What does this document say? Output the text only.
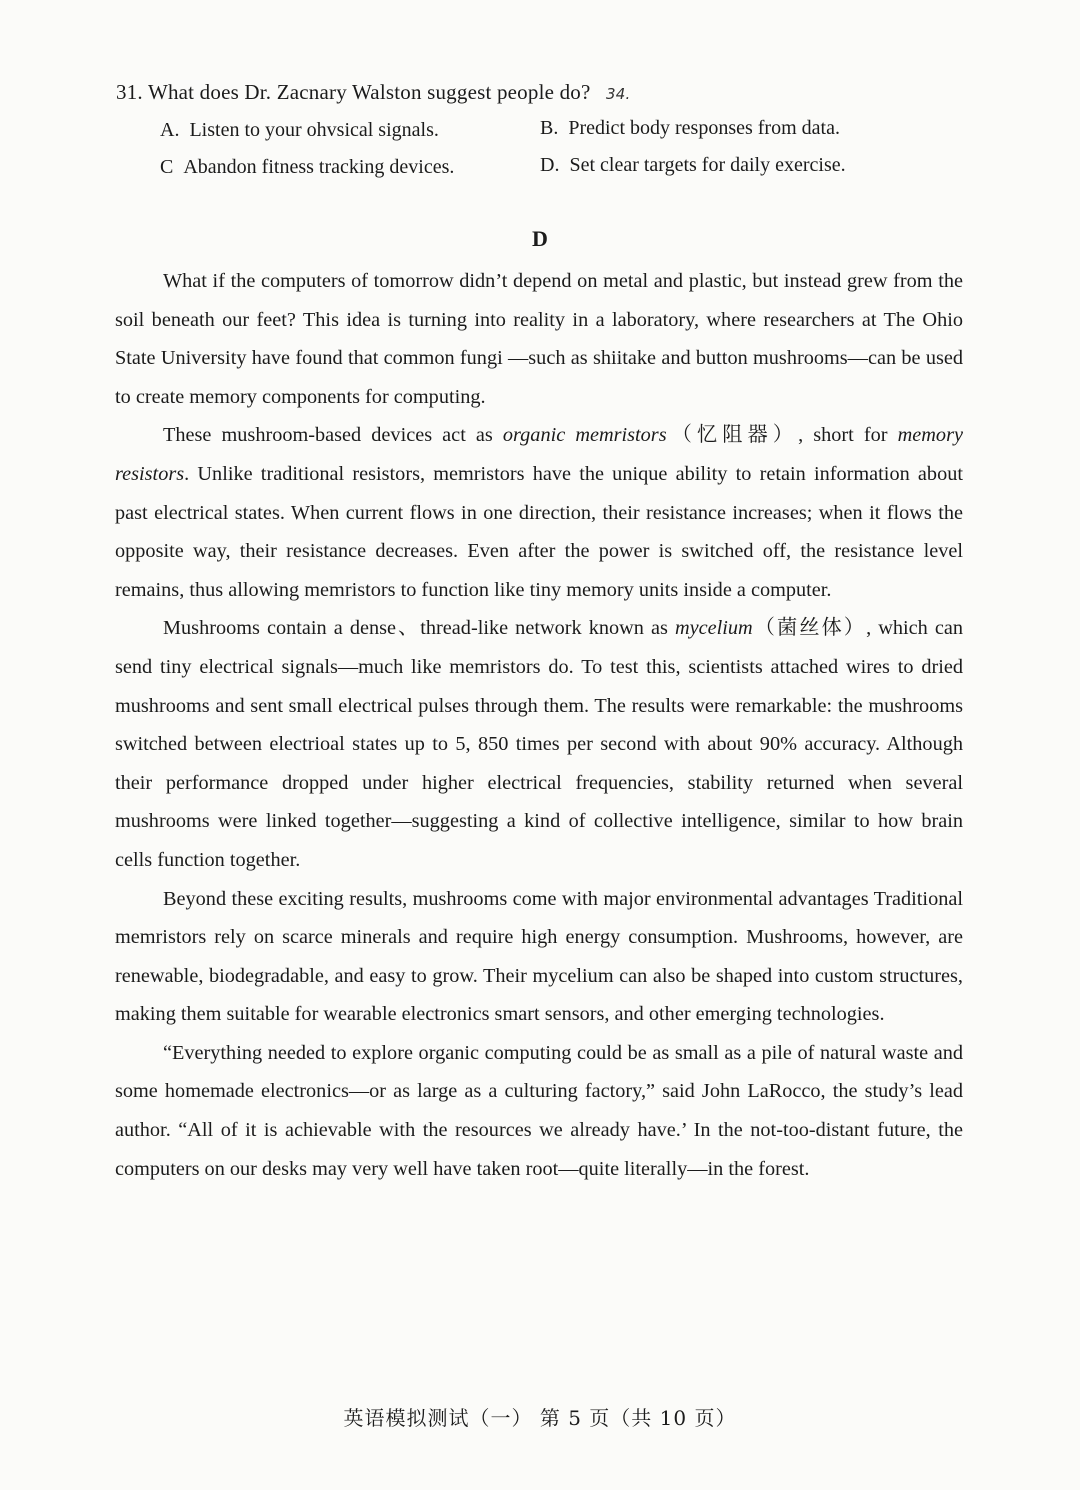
31. What does Dr. Zacnary Walston suggest people do? 34.
A. Listen to your ohvsical signals.	B. Predict body responses from data.
C Abandon fitness tracking devices.	D. Set clear targets for daily exercise.
D

What if the computers of tomorrow didn’t depend on metal and plastic, but instead grew from the soil beneath our feet? This idea is turning into reality in a laboratory, where researchers at The Ohio State University have found that common fungi —such as shiitake and button mushrooms—can be used to create memory components for computing.

These mushroom-based devices act as organic memristors（忆阻器）, short for memory resistors. Unlike traditional resistors, memristors have the unique ability to retain information about past electrical states. When current flows in one direction, their resistance increases; when it flows the opposite way, their resistance decreases. Even after the power is switched off, the resistance level remains, thus allowing memristors to function like tiny memory units inside a computer.

Mushrooms contain a dense、thread-like network known as mycelium（菌丝体）, which can send tiny electrical signals—much like memristors do. To test this, scientists attached wires to dried mushrooms and sent small electrical pulses through them. The results were remarkable: the mushrooms switched between electrioal states up to 5, 850 times per second with about 90% accuracy. Although their performance dropped under higher electrical frequencies, stability returned when several mushrooms were linked together—suggesting a kind of collective intelligence, similar to how brain cells function together.

Beyond these exciting results, mushrooms come with major environmental advantages Traditional memristors rely on scarce minerals and require high energy consumption. Mushrooms, however, are renewable, biodegradable, and easy to grow. Their mycelium can also be shaped into custom structures, making them suitable for wearable electronics smart sensors, and other emerging technologies.

“Everything needed to explore organic computing could be as small as a pile of natural waste and some homemade electronics—or as large as a culturing factory,” said John LaRocco, the study’s lead author. “All of it is achievable with the resources we already have.’ In the not-too-distant future, the computers on our desks may very well have taken root—quite literally—in the forest.

英语模拟测试（一） 第 5 页（共 10 页）
